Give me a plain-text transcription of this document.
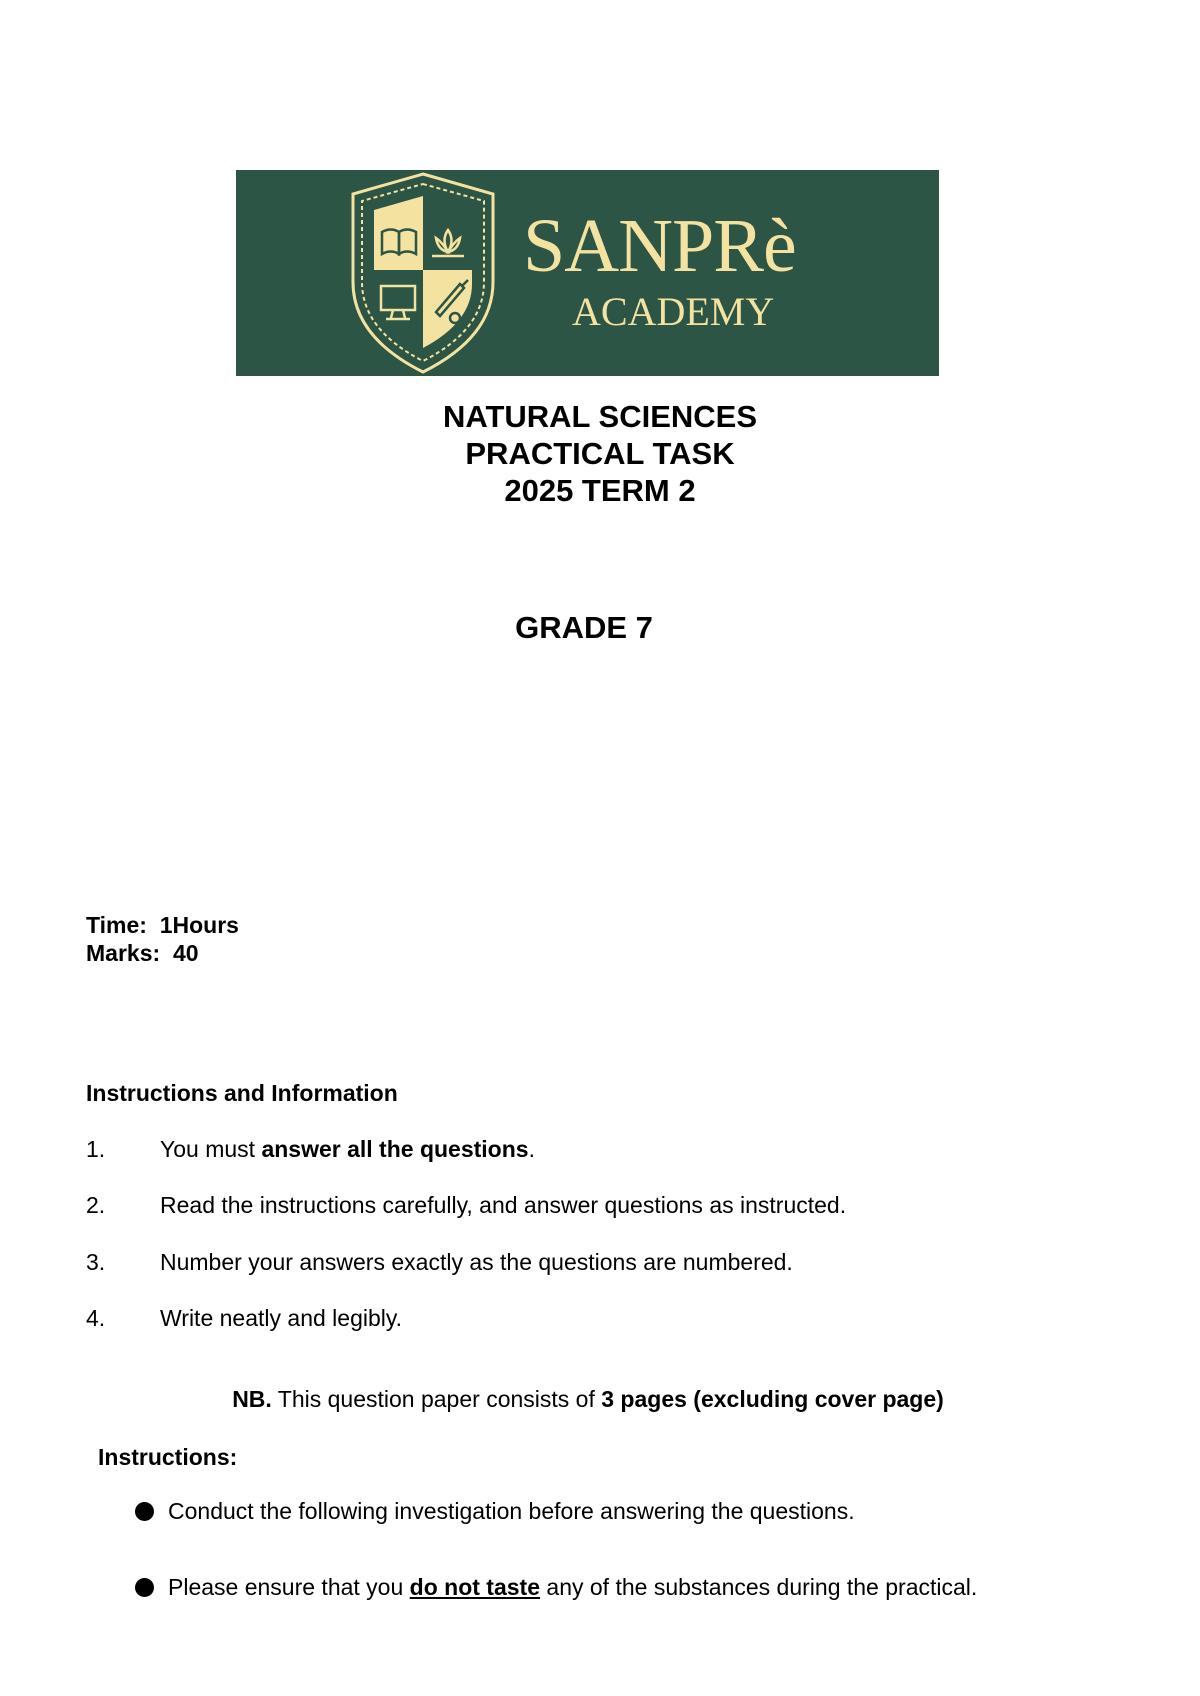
SANPRè
ACADEMY
NATURAL SCIENCES
PRACTICAL TASK
2025 TERM 2
GRADE 7
Time: 1Hours
Marks: 40
Instructions and Information
1. You must answer all the questions.
2. Read the instructions carefully, and answer questions as instructed.
3. Number your answers exactly as the questions are numbered.
4. Write neatly and legibly.
NB. This question paper consists of 3 pages (excluding cover page)
Instructions:
Conduct the following investigation before answering the questions.
Please ensure that you do not taste any of the substances during the practical.
